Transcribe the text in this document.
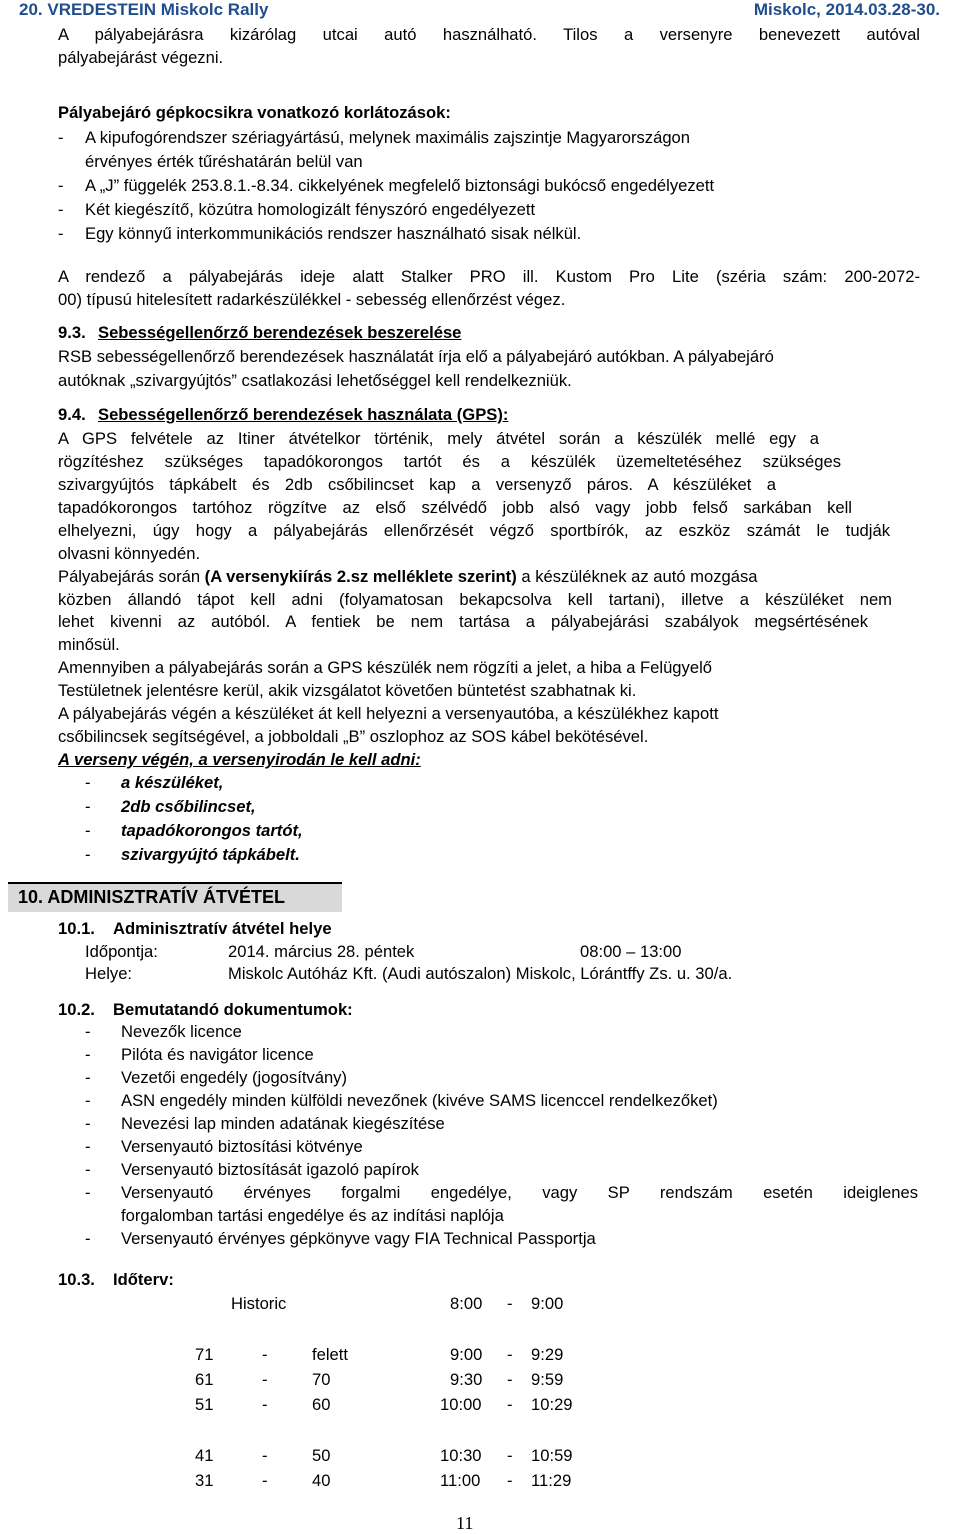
20. VREDESTEIN Miskolc Rally	Miskolc, 2014.03.28-30.
A pályabejárásra kizárólag utcai autó használható. Tilos a versenyre benevezett autóval
pályabejárást végezni.
Pályabejáró gépkocsikra vonatkozó korlátozások:
- A kipufogórendszer szériagyártású, melynek maximális zajszintje Magyarországon
érvényes érték tűréshatárán belül van
- A „J” függelék 253.8.1.-8.34. cikkelyének megfelelő biztonsági bukócső engedélyezett
- Két kiegészítő, közútra homologizált fényszóró engedélyezett
- Egy könnyű interkommunikációs rendszer használható sisak nélkül.
A rendező a pályabejárás ideje alatt Stalker PRO ill. Kustom Pro Lite (széria szám: 200-2072-
00) típusú hitelesített radarkészülékkel - sebesség ellenőrzést végez.
9.3. Sebességellenőrző berendezések beszerelése
RSB sebességellenőrző berendezések használatát írja elő a pályabejáró autókban. A pályabejáró
autóknak „szivargyújtós” csatlakozási lehetőséggel kell rendelkezniük.
9.4. Sebességellenőrző berendezések használata (GPS):
A GPS felvétele az Itiner átvételkor történik, mely átvétel során a készülék mellé egy a
rögzítéshez szükséges tapadókorongos tartót és a készülék üzemeltetéséhez szükséges
szivargyújtós tápkábelt és 2db csőbilincset kap a versenyző páros. A készüléket a
tapadókorongos tartóhoz rögzítve az első szélvédő jobb alsó vagy jobb felső sarkában kell
elhelyezni, úgy hogy a pályabejárás ellenőrzését végző sportbírók, az eszköz számát le tudják
olvasni könnyedén.
Pályabejárás során (A versenykiírás 2.sz melléklete szerint) a készüléknek az autó mozgása
közben állandó tápot kell adni (folyamatosan bekapcsolva kell tartani), illetve a készüléket nem
lehet kivenni az autóból. A fentiek be nem tartása a pályabejárási szabályok megsértésének
minősül.
Amennyiben a pályabejárás során a GPS készülék nem rögzíti a jelet, a hiba a Felügyelő
Testületnek jelentésre kerül, akik vizsgálatot követően büntetést szabhatnak ki.
A pályabejárás végén a készüléket át kell helyezni a versenyautóba, a készülékhez kapott
csőbilincsek segítségével, a jobboldali „B” oszlophoz az SOS kábel bekötésével.
A verseny végén, a versenyirodán le kell adni:
- a készüléket,
- 2db csőbilincset,
- tapadókorongos tartót,
- szivargyújtó tápkábelt.
10. ADMINISZTRATÍV ÁTVÉTEL
10.1. Adminisztratív átvétel helye
Időpontja:	2014. március 28. péntek	08:00 – 13:00
Helye:	Miskolc Autóház Kft. (Audi autószalon) Miskolc, Lórántffy Zs. u. 30/a.
10.2. Bemutatandó dokumentumok:
- Nevezők licence
- Pilóta és navigátor licence
- Vezetői engedély (jogosítvány)
- ASN engedély minden külföldi nevezőnek (kivéve SAMS licenccel rendelkezőket)
- Nevezési lap minden adatának kiegészítése
- Versenyautó biztosítási kötvénye
- Versenyautó biztosítását igazoló papírok
- Versenyautó érvényes forgalmi engedélye, vagy SP rendszám esetén ideiglenes
forgalomban tartási engedélye és az indítási naplója
- Versenyautó érvényes gépkönyve vagy FIA Technical Passportja
10.3. Időterv:
Historic	8:00 - 9:00
71	-	felett	9:00 - 9:29
61	-	70	9:30 - 9:59
51	-	60	10:00 - 10:29
41	-	50	10:30 - 10:59
31	-	40	11:00 - 11:29
11
